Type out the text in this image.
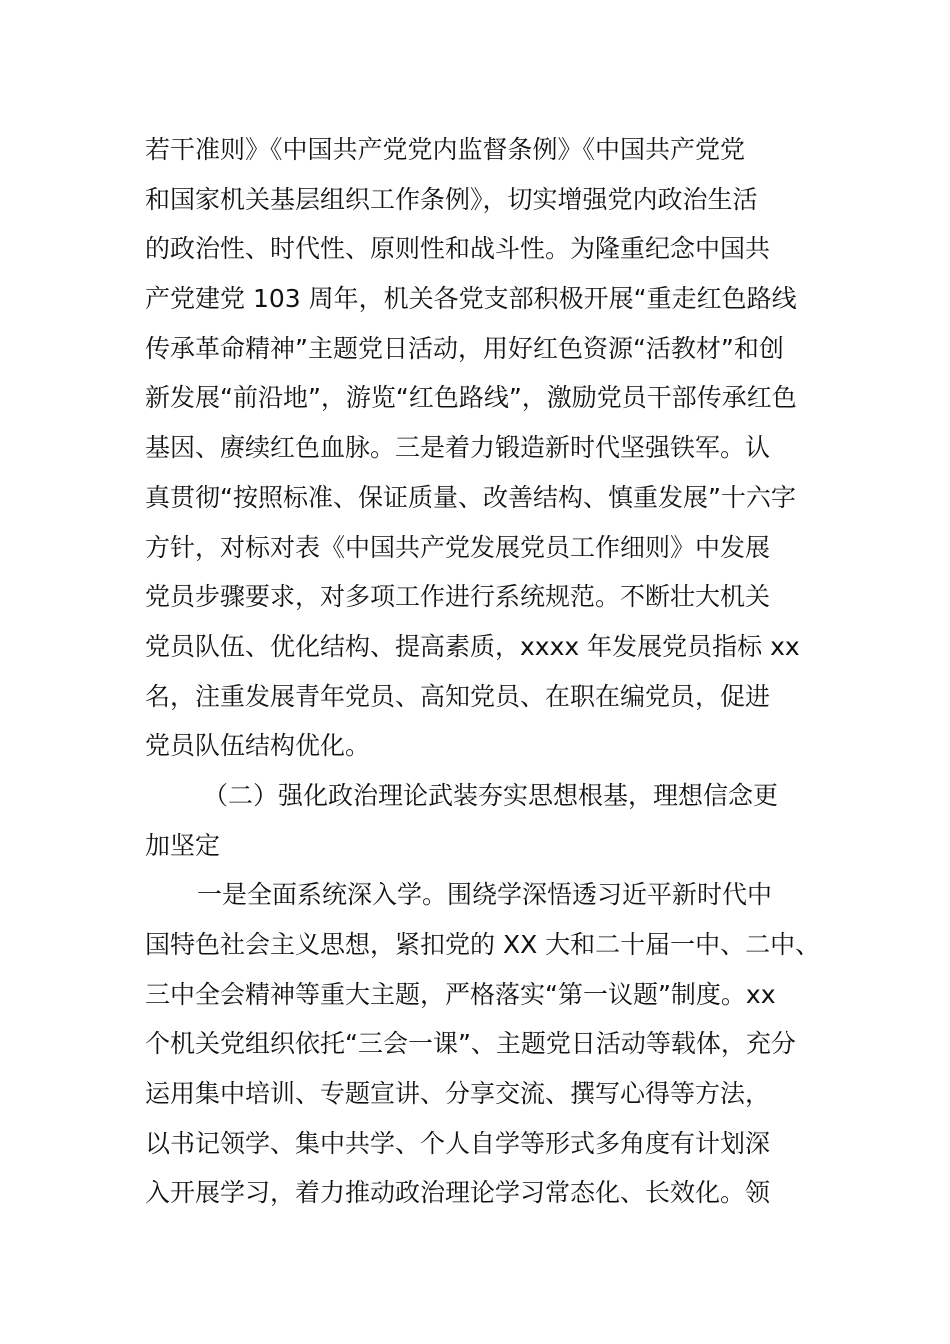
若干准则》《中国共产党党内监督条例》《中国共产党党
和国家机关基层组织工作条例》，切实增强党内政治生活
的政治性、时代性、原则性和战斗性。为隆重纪念中国共
产党建党 103 周年，机关各党支部积极开展“重走红色路线
传承革命精神”主题党日活动，用好红色资源“活教材”和创
新发展“前沿地”，游览“红色路线”，激励党员干部传承红色
基因、赓续红色血脉。三是着力锻造新时代坚强铁军。认
真贯彻“按照标准、保证质量、改善结构、慎重发展”十六字
方针，对标对表《中国共产党发展党员工作细则》中发展
党员步骤要求，对多项工作进行系统规范。不断壮大机关
党员队伍、优化结构、提高素质，xxxx 年发展党员指标 xx
名，注重发展青年党员、高知党员、在职在编党员，促进
党员队伍结构优化。
（二）强化政治理论武装夯实思想根基，理想信念更
加坚定
一是全面系统深入学。围绕学深悟透习近平新时代中
国特色社会主义思想，紧扣党的 XX 大和二十届一中、二中、
三中全会精神等重大主题，严格落实“第一议题”制度。xx
个机关党组织依托“三会一课”、主题党日活动等载体，充分
运用集中培训、专题宣讲、分享交流、撰写心得等方法，
以书记领学、集中共学、个人自学等形式多角度有计划深
入开展学习，着力推动政治理论学习常态化、长效化。领
